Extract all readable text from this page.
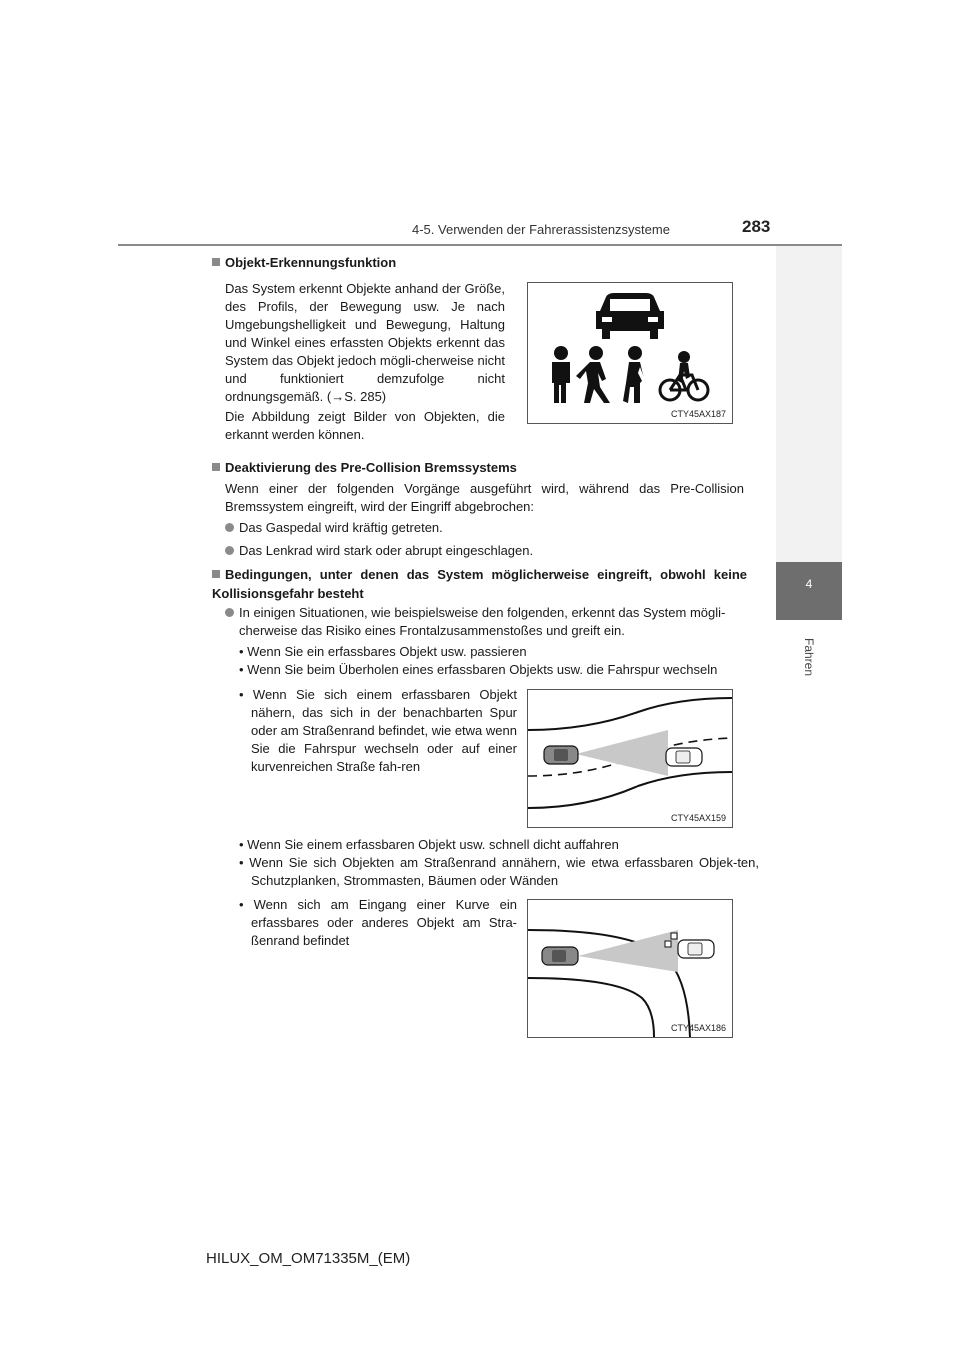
4-5. Verwenden der Fahrerassistenzsysteme	283
4
Fahren
Objekt-Erkennungsfunktion
Das System erkennt Objekte anhand der Größe, des Profils, der Bewegung usw. Je nach Umgebungshelligkeit und Bewegung, Haltung und Winkel eines erfassten Objekts erkennt das System das Objekt jedoch mögli-cherweise nicht und funktioniert demzufolge nicht ordnungsgemäß. (→S. 285)
Die Abbildung zeigt Bilder von Objekten, die erkannt werden können.
CTY45AX187
Deaktivierung des Pre-Collision Bremssystems
Wenn einer der folgenden Vorgänge ausgeführt wird, während das Pre-Collision Bremssystem eingreift, wird der Eingriff abgebrochen:
Das Gaspedal wird kräftig getreten.
Das Lenkrad wird stark oder abrupt eingeschlagen.
Bedingungen, unter denen das System möglicherweise eingreift, obwohl keine Kollisionsgefahr besteht
In einigen Situationen, wie beispielsweise den folgenden, erkennt das System mögli-cherweise das Risiko eines Frontalzusammenstoßes und greift ein.
• Wenn Sie ein erfassbares Objekt usw. passieren
• Wenn Sie beim Überholen eines erfassbaren Objekts usw. die Fahrspur wechseln
• Wenn Sie sich einem erfassbaren Objekt nähern, das sich in der benachbarten Spur oder am Straßenrand befindet, wie etwa wenn Sie die Fahrspur wechseln oder auf einer kurvenreichen Straße fah-ren
CTY45AX159
• Wenn Sie einem erfassbaren Objekt usw. schnell dicht auffahren
• Wenn Sie sich Objekten am Straßenrand annähern, wie etwa erfassbaren Objek-ten, Schutzplanken, Strommasten, Bäumen oder Wänden
• Wenn sich am Eingang einer Kurve ein erfassbares oder anderes Objekt am Stra-ßenrand befindet
CTY45AX186
HILUX_OM_OM71335M_(EM)
